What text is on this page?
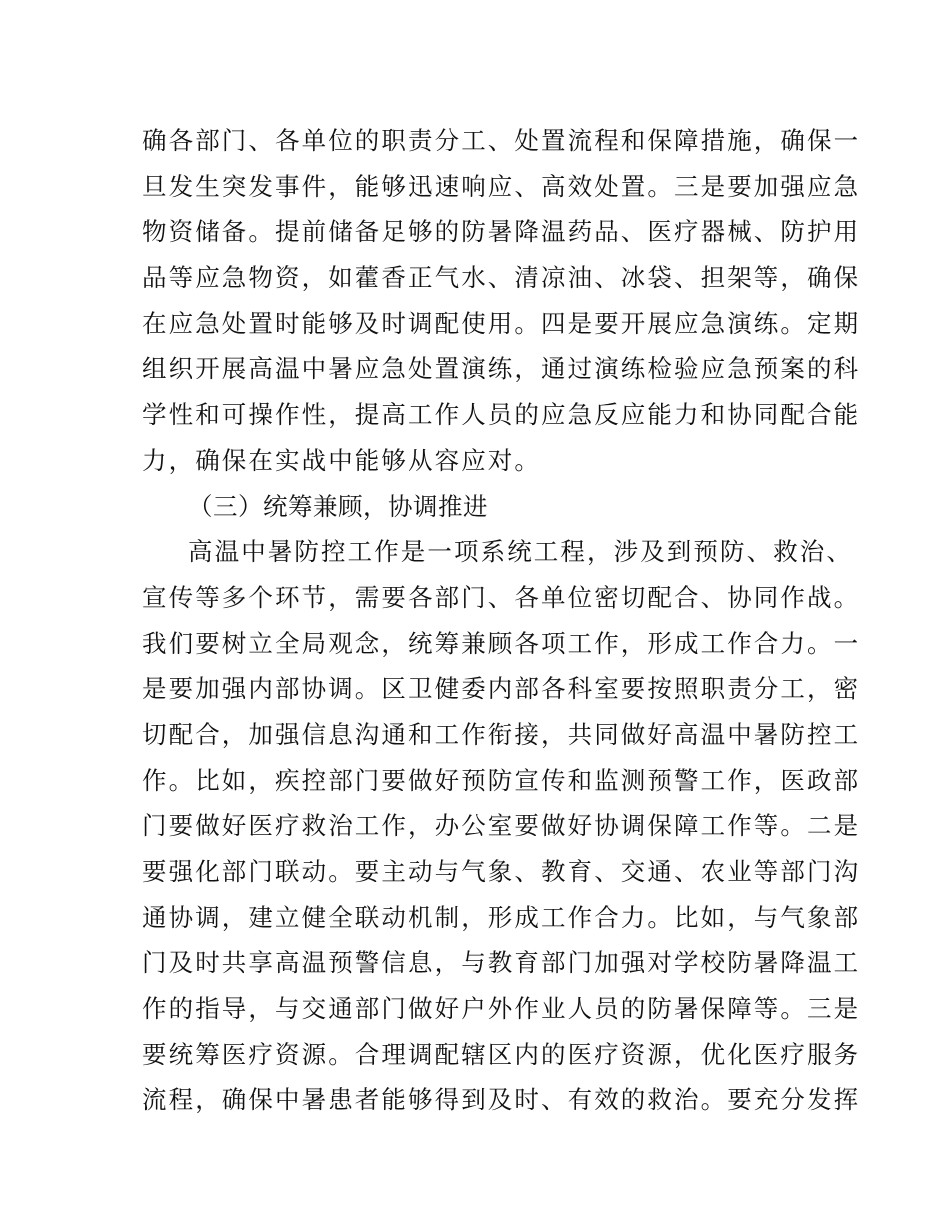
确各部门、各单位的职责分工、处置流程和保障措施，确保一
旦发生突发事件，能够迅速响应、高效处置。三是要加强应急
物资储备。提前储备足够的防暑降温药品、医疗器械、防护用
品等应急物资，如藿香正气水、清凉油、冰袋、担架等，确保
在应急处置时能够及时调配使用。四是要开展应急演练。定期
组织开展高温中暑应急处置演练，通过演练检验应急预案的科
学性和可操作性，提高工作人员的应急反应能力和协同配合能
力，确保在实战中能够从容应对。
（三）统筹兼顾，协调推进
高温中暑防控工作是一项系统工程，涉及到预防、救治、
宣传等多个环节，需要各部门、各单位密切配合、协同作战。
我们要树立全局观念，统筹兼顾各项工作，形成工作合力。一
是要加强内部协调。区卫健委内部各科室要按照职责分工，密
切配合，加强信息沟通和工作衔接，共同做好高温中暑防控工
作。比如，疾控部门要做好预防宣传和监测预警工作，医政部
门要做好医疗救治工作，办公室要做好协调保障工作等。二是
要强化部门联动。要主动与气象、教育、交通、农业等部门沟
通协调，建立健全联动机制，形成工作合力。比如，与气象部
门及时共享高温预警信息，与教育部门加强对学校防暑降温工
作的指导，与交通部门做好户外作业人员的防暑保障等。三是
要统筹医疗资源。合理调配辖区内的医疗资源，优化医疗服务
流程，确保中暑患者能够得到及时、有效的救治。要充分发挥
